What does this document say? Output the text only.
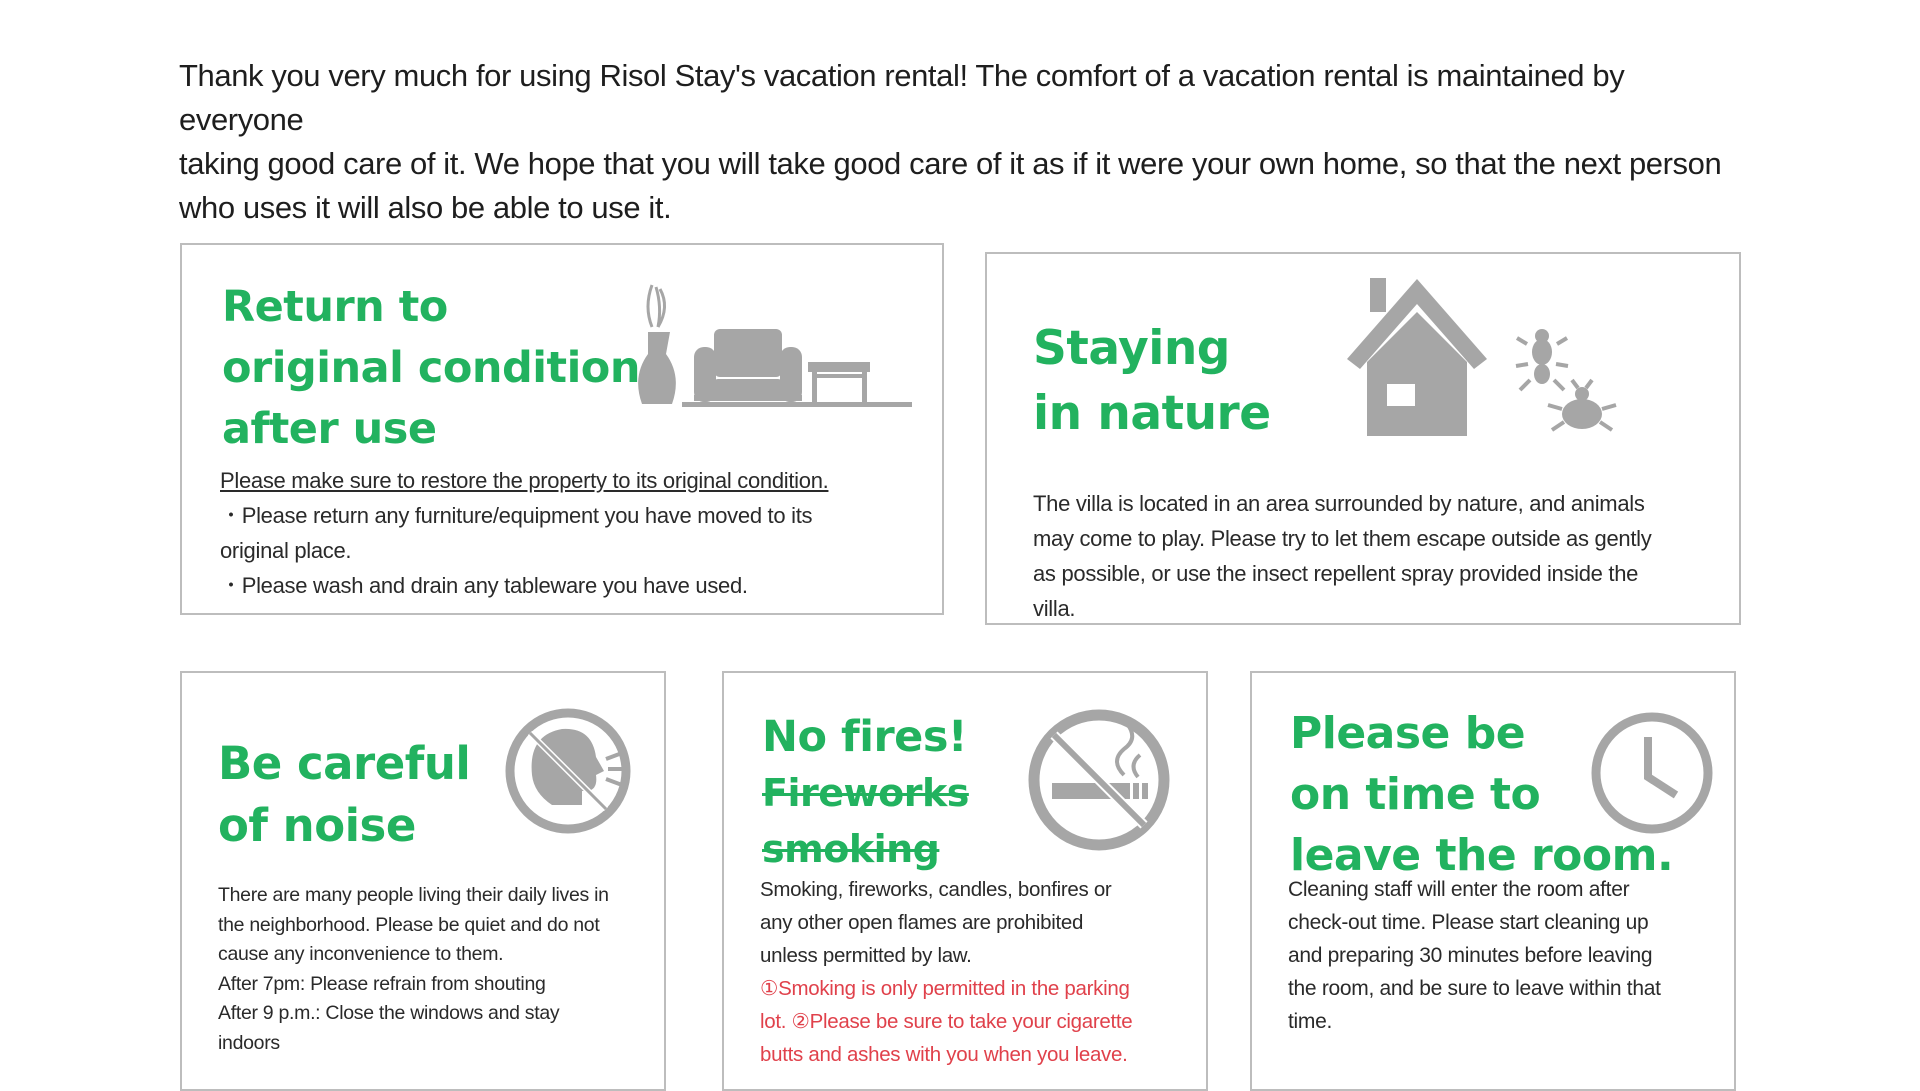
Thank you very much for using Risol Stay's vacation rental! The comfort of a vacation rental is maintained by everyone
taking good care of it. We hope that you will take good care of it as if it were your own home, so that the next person
who uses it will also be able to use it.
Return to
original condition
after use
Please make sure to restore the property to its original condition.
・Please return any furniture/equipment you have moved to its
original place.
・Please wash and drain any tableware you have used.
Staying
in nature
The villa is located in an area surrounded by nature, and animals
may come to play. Please try to let them escape outside as gently
as possible, or use the insect repellent spray provided inside the
villa.
Be careful
of noise
There are many people living their daily lives in
the neighborhood. Please be quiet and do not
cause any inconvenience to them.
After 7pm: Please refrain from shouting
After 9 p.m.: Close the windows and stay
indoors
No fires!
Fireworks
smoking
Smoking, fireworks, candles, bonfires or
any other open flames are prohibited
unless permitted by law.
①Smoking is only permitted in the parking
lot. ②Please be sure to take your cigarette
butts and ashes with you when you leave.
Please be
on time to
leave the room.
Cleaning staff will enter the room after
check-out time. Please start cleaning up
and preparing 30 minutes before leaving
the room, and be sure to leave within that
time.
